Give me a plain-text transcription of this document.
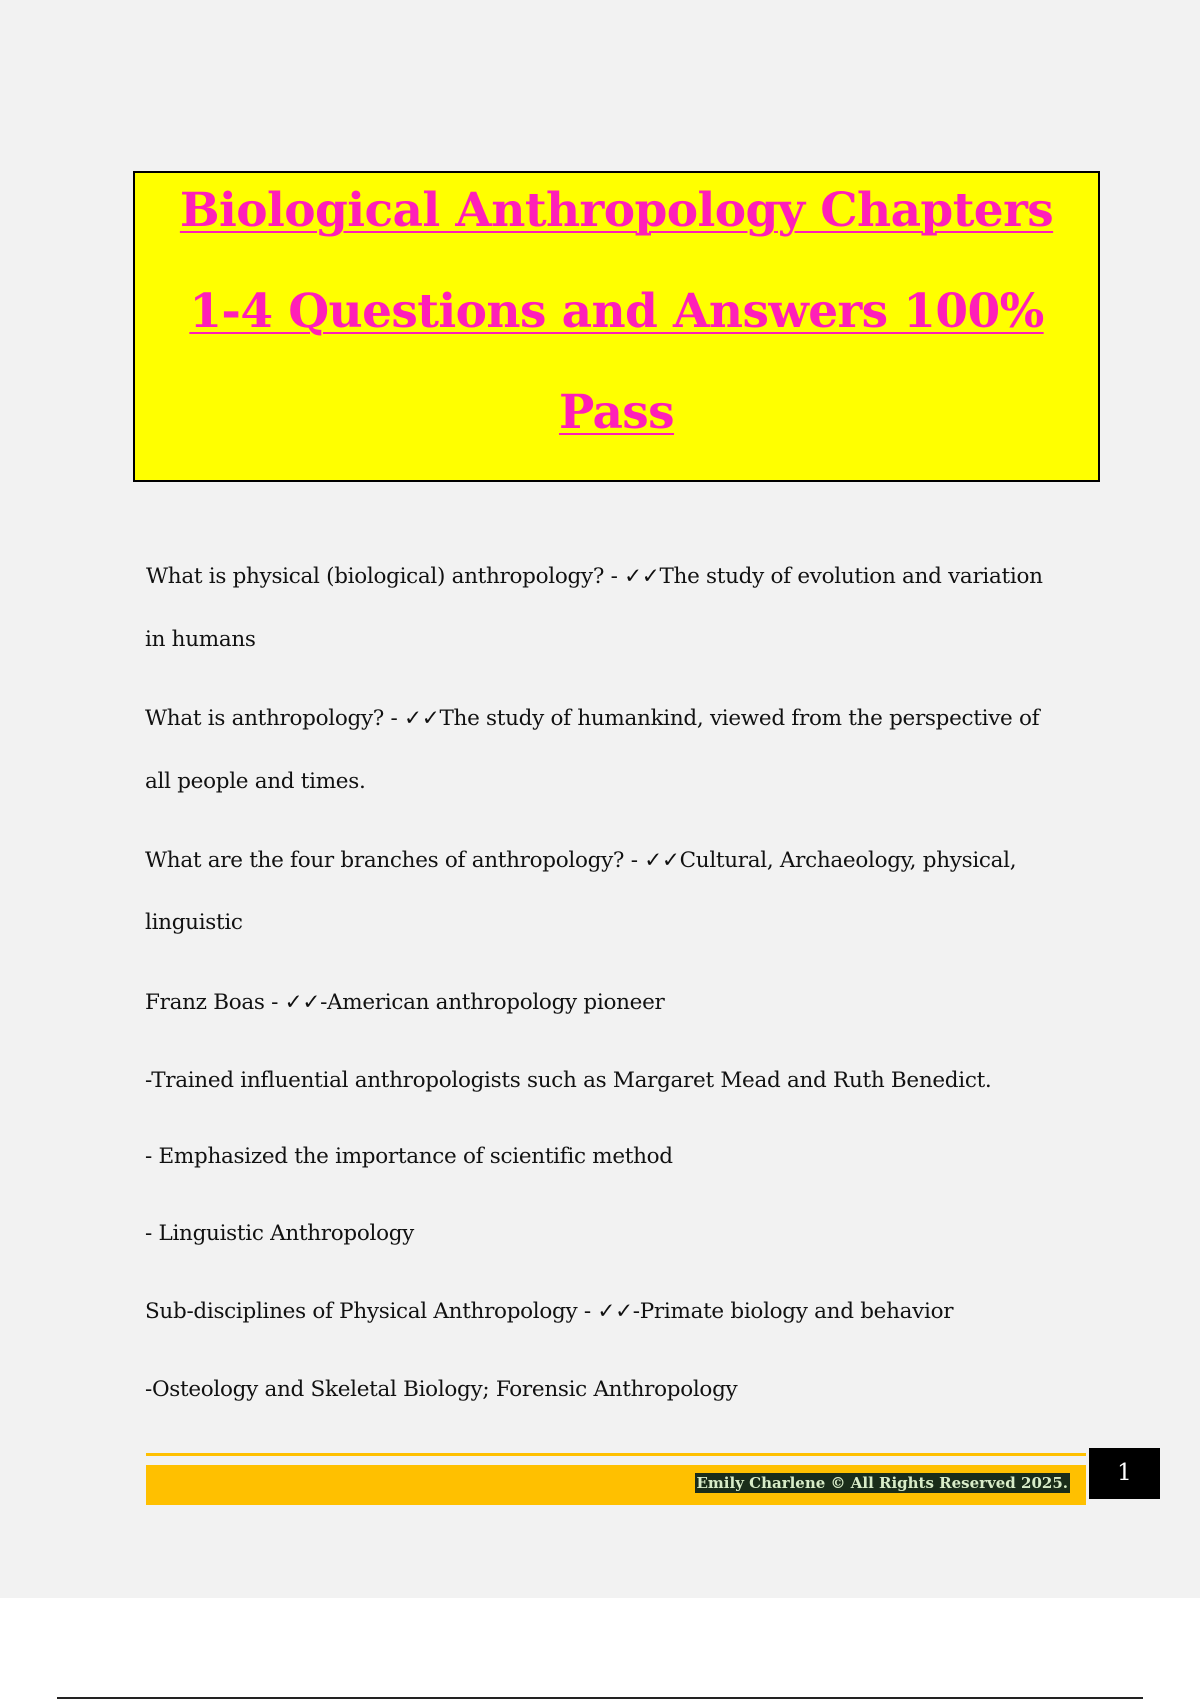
Biological Anthropology Chapters
1-4 Questions and Answers 100%
Pass
What is physical (biological) anthropology? - ✓✓The study of evolution and variation
in humans
What is anthropology? - ✓✓The study of humankind, viewed from the perspective of
all people and times.
What are the four branches of anthropology? - ✓✓Cultural, Archaeology, physical,
linguistic
Franz Boas - ✓✓-American anthropology pioneer
-Trained influential anthropologists such as Margaret Mead and Ruth Benedict.
- Emphasized the importance of scientific method
- Linguistic Anthropology
Sub-disciplines of Physical Anthropology - ✓✓-Primate biology and behavior
-Osteology and Skeletal Biology; Forensic Anthropology
Emily Charlene © All Rights Reserved 2025.	1
